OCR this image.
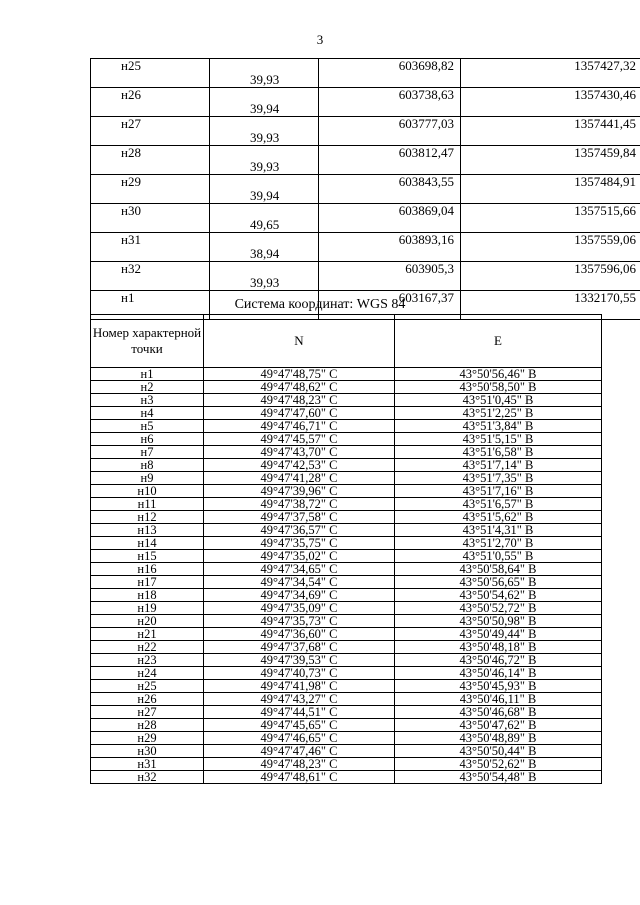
3
н25	39,93	603698,82	1357427,32
н26	39,94	603738,63	1357430,46
н27	39,93	603777,03	1357441,45
н28	39,93	603812,47	1357459,84
н29	39,94	603843,55	1357484,91
н30	49,65	603869,04	1357515,66
н31	38,94	603893,16	1357559,06
н32	39,93	603905,3	1357596,06
н1		603167,37	1332170,55
Система координат: WGS 84
Номер характерной точки	N	E
н1	49°47'48,75" С	43°50'56,46" В
н2	49°47'48,62" С	43°50'58,50" В
н3	49°47'48,23" С	43°51'0,45" В
н4	49°47'47,60" С	43°51'2,25" В
н5	49°47'46,71" С	43°51'3,84" В
н6	49°47'45,57" С	43°51'5,15" В
н7	49°47'43,70" С	43°51'6,58" В
н8	49°47'42,53" С	43°51'7,14" В
н9	49°47'41,28" С	43°51'7,35" В
н10	49°47'39,96" С	43°51'7,16" В
н11	49°47'38,72" С	43°51'6,57" В
н12	49°47'37,58" С	43°51'5,62" В
н13	49°47'36,57" С	43°51'4,31" В
н14	49°47'35,75" С	43°51'2,70" В
н15	49°47'35,02" С	43°51'0,55" В
н16	49°47'34,65" С	43°50'58,64" В
н17	49°47'34,54" С	43°50'56,65" В
н18	49°47'34,69" С	43°50'54,62" В
н19	49°47'35,09" С	43°50'52,72" В
н20	49°47'35,73" С	43°50'50,98" В
н21	49°47'36,60" С	43°50'49,44" В
н22	49°47'37,68" С	43°50'48,18" В
н23	49°47'39,53" С	43°50'46,72" В
н24	49°47'40,73" С	43°50'46,14" В
н25	49°47'41,98" С	43°50'45,93" В
н26	49°47'43,27" С	43°50'46,11" В
н27	49°47'44,51" С	43°50'46,68" В
н28	49°47'45,65" С	43°50'47,62" В
н29	49°47'46,65" С	43°50'48,89" В
н30	49°47'47,46" С	43°50'50,44" В
н31	49°47'48,23" С	43°50'52,62" В
н32	49°47'48,61" С	43°50'54,48" В
